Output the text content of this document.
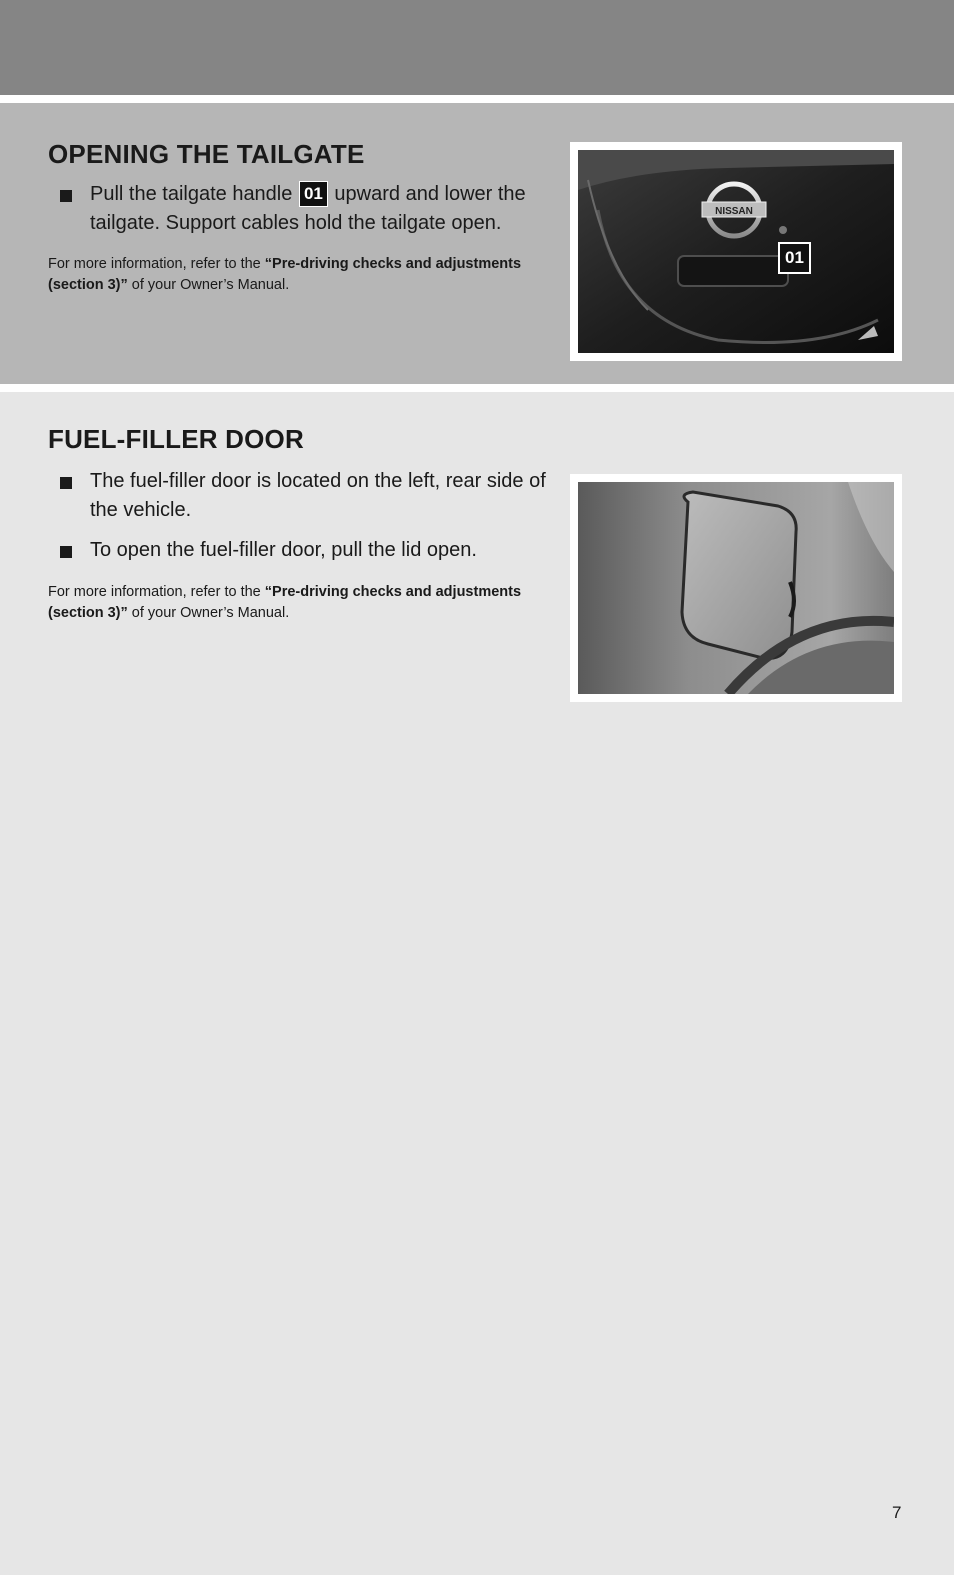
OPENING THE TAILGATE
Pull the tailgate handle 01 upward and lower the tailgate. Support cables hold the tailgate open.
For more information, refer to the “Pre-driving checks and adjustments (section 3)” of your Owner’s Manual.
NISSAN
01
FUEL-FILLER DOOR
The fuel-filler door is located on the left, rear side of the vehicle.
To open the fuel-filler door, pull the lid open.
For more information, refer to the “Pre-driving checks and adjustments (section 3)” of your Owner’s Manual.
7
